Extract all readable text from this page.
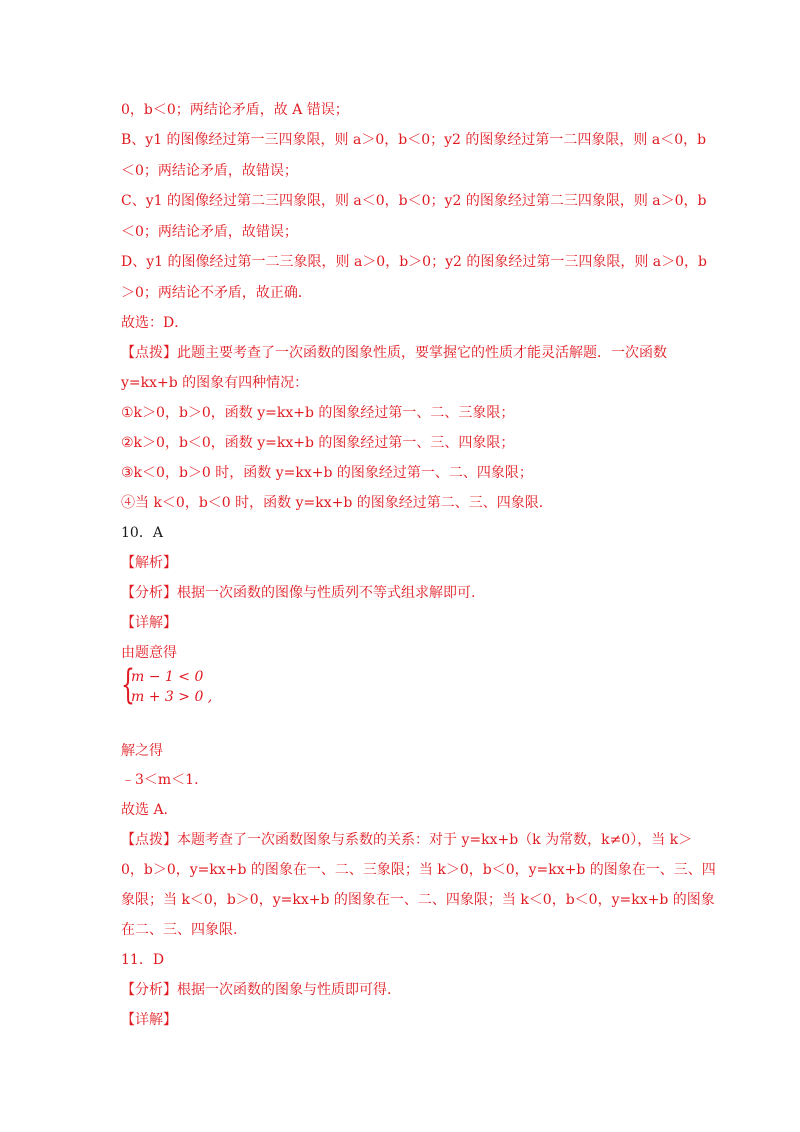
0，b＜0；两结论矛盾，故 A 错误；
B、y1 的图像经过第一三四象限，则 a＞0，b＜0；y2 的图象经过第一二四象限，则 a＜0，b
＜0；两结论矛盾，故错误；
C、y1 的图像经过第二三四象限，则 a＜0，b＜0；y2 的图象经过第二三四象限，则 a＞0，b
＜0；两结论矛盾，故错误；
D、y1 的图像经过第一二三象限，则 a＞0，b＞0；y2 的图象经过第一三四象限，则 a＞0，b
＞0；两结论不矛盾，故正确．
故选：D．
【点拨】此题主要考查了一次函数的图象性质，要掌握它的性质才能灵活解题．一次函数
y=kx+b 的图象有四种情况：
①k＞0，b＞0，函数 y=kx+b 的图象经过第一、二、三象限；
②k＞0，b＜0，函数 y=kx+b 的图象经过第一、三、四象限；
③k＜0，b＞0 时，函数 y=kx+b 的图象经过第一、二、四象限；
④当 k＜0，b＜0 时，函数 y=kx+b 的图象经过第二、三、四象限．
10．A
【解析】
【分析】根据一次函数的图像与性质列不等式组求解即可.
【详解】
由题意得
{
m − 1 < 0
m + 3 > 0 ,
解之得
﹣3＜m＜1.
故选 A.
【点拨】本题考查了一次函数图象与系数的关系：对于 y=kx+b（k 为常数，k≠0），当 k＞
0，b＞0，y=kx+b 的图象在一、二、三象限；当 k＞0，b＜0，y=kx+b 的图象在一、三、四
象限；当 k＜0，b＞0，y=kx+b 的图象在一、二、四象限；当 k＜0，b＜0，y=kx+b 的图象
在二、三、四象限.
11．D
【分析】根据一次函数的图象与性质即可得.
【详解】
